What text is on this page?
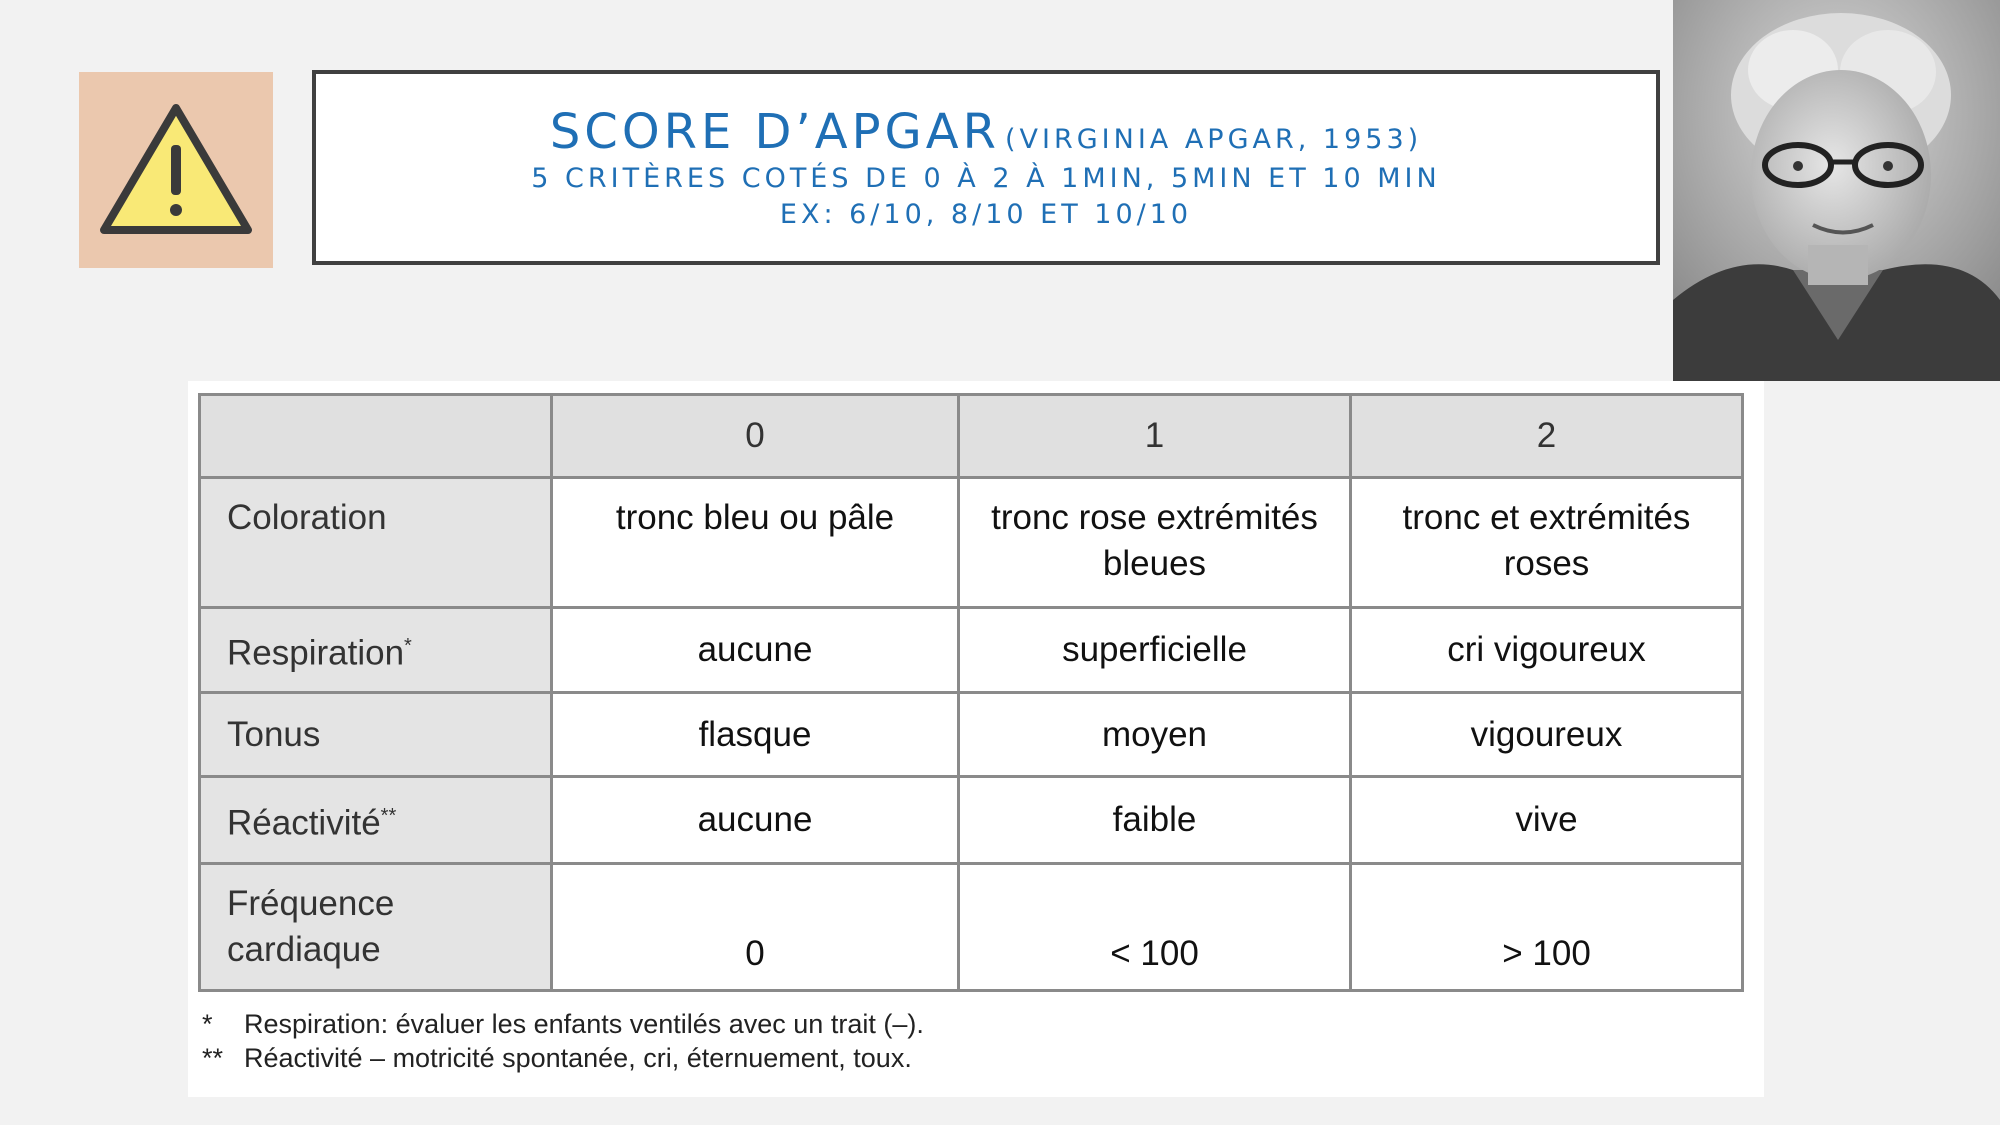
SCORE D’APGAR (VIRGINIA APGAR, 1953)
5 CRITÈRES COTÉS DE 0 À 2 À 1MIN, 5MIN ET 10 MIN
EX: 6/10, 8/10 ET 10/10
	0	1	2
Coloration	tronc bleu ou pâle	tronc rose extrémités bleues	tronc et extrémités roses
Respiration*	aucune	superficielle	cri vigoureux
Tonus	flasque	moyen	vigoureux
Réactivité**	aucune	faible	vive
Fréquence cardiaque	0	< 100	> 100
* Respiration: évaluer les enfants ventilés avec un trait (–).
** Réactivité – motricité spontanée, cri, éternuement, toux.
